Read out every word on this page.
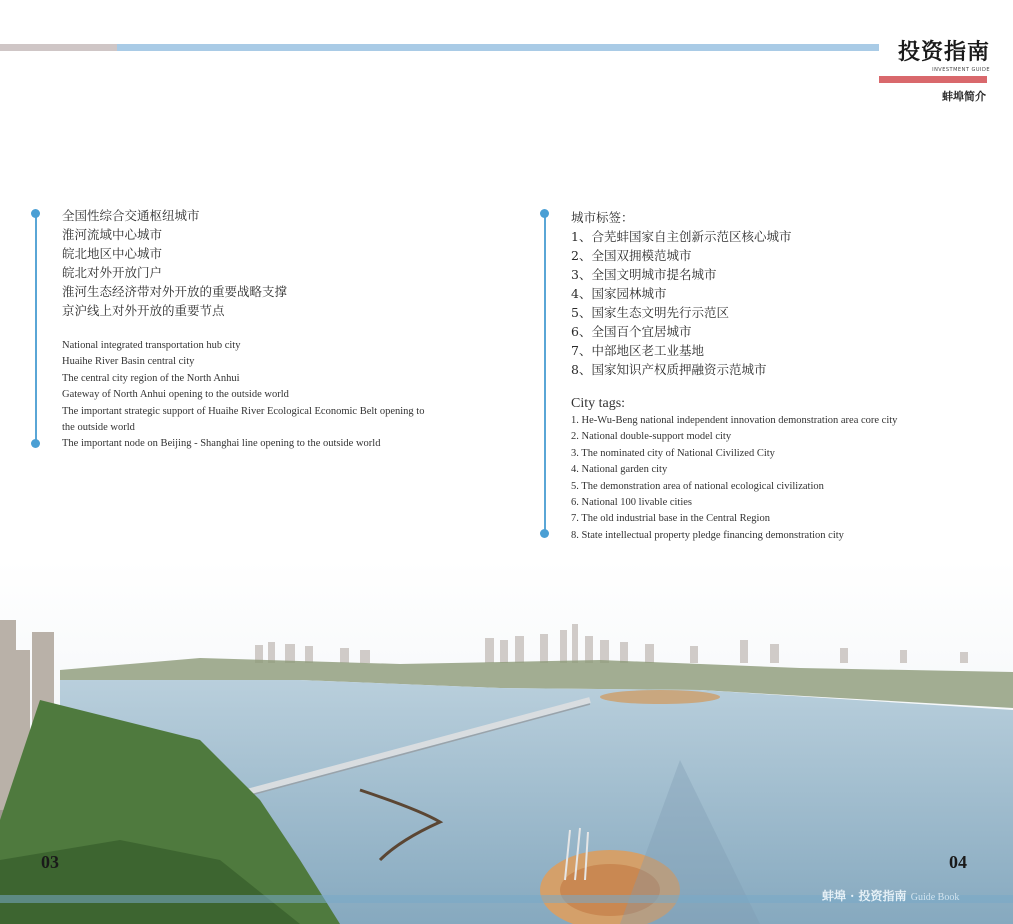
投资指南
INVESTMENT GUIDE
蚌埠简介
全国性综合交通枢纽城市
淮河流域中心城市
皖北地区中心城市
皖北对外开放门户
淮河生态经济带对外开放的重要战略支撑
京沪线上对外开放的重要节点
National integrated transportation hub city
Huaihe River Basin central city
The central city region of the North Anhui
Gateway of North Anhui opening to the outside world
The important strategic support of Huaihe River Ecological Economic Belt opening to
the outside world
The important node on Beijing - Shanghai line opening to the outside world
城市标签：
1、合芜蚌国家自主创新示范区核心城市
2、全国双拥模范城市
3、全国文明城市提名城市
4、国家园林城市
5、国家生态文明先行示范区
6、全国百个宜居城市
7、中部地区老工业基地
8、国家知识产权质押融资示范城市
City tags:
1. He-Wu-Beng national independent innovation demonstration area core city
2. National double-support model city
3. The nominated city of National Civilized City
4. National garden city
5. The demonstration area of national ecological civilization
6. National 100 livable cities
7. The old industrial base in the Central Region
8. State intellectual property pledge financing demonstration city
03	04
蚌埠 · 投资指南 Guide Book
